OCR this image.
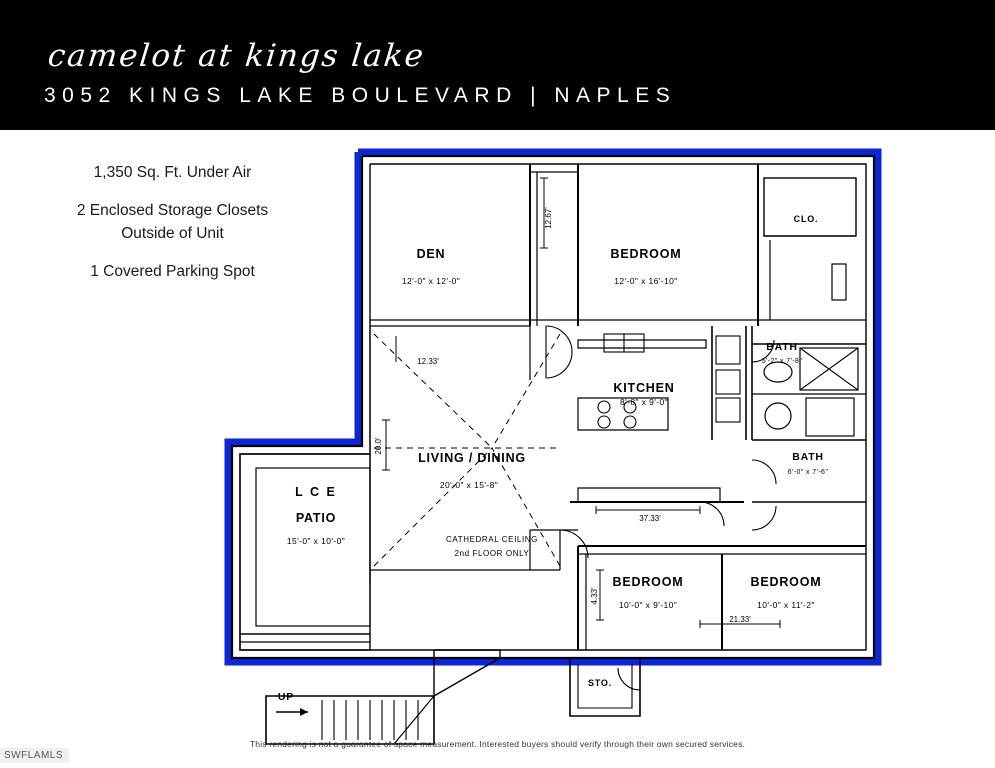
camelot at kings lake
3052 KINGS LAKE BOULEVARD | NAPLES
1,350 Sq. Ft. Under Air
2 Enclosed Storage Closets
Outside of Unit
1 Covered Parking Spot
DEN
12'-0" x 12'-0"
BEDROOM
12'-0" x 16'-10"
CLO.
BATH
5'-2" x 7'-8"
BATH
6'-0" x 7'-6"
KITCHEN
8'-8" x 9'-0"
LIVING / DINING
20'-0" x 15'-8"
L C E
PATIO
15'-0" x 10'-0"
BEDROOM
10'-0" x 9'-10"
BEDROOM
10'-0" x 11'-2"
STO.
CATHEDRAL CEILING
2nd FLOOR ONLY
UP
12.67'
12.33'
20.0'
37.33'
4.33'
21.33'
This rendering is not a guarantee of space measurement. Interested buyers should verify through their own secured services.
SWFLAMLS
